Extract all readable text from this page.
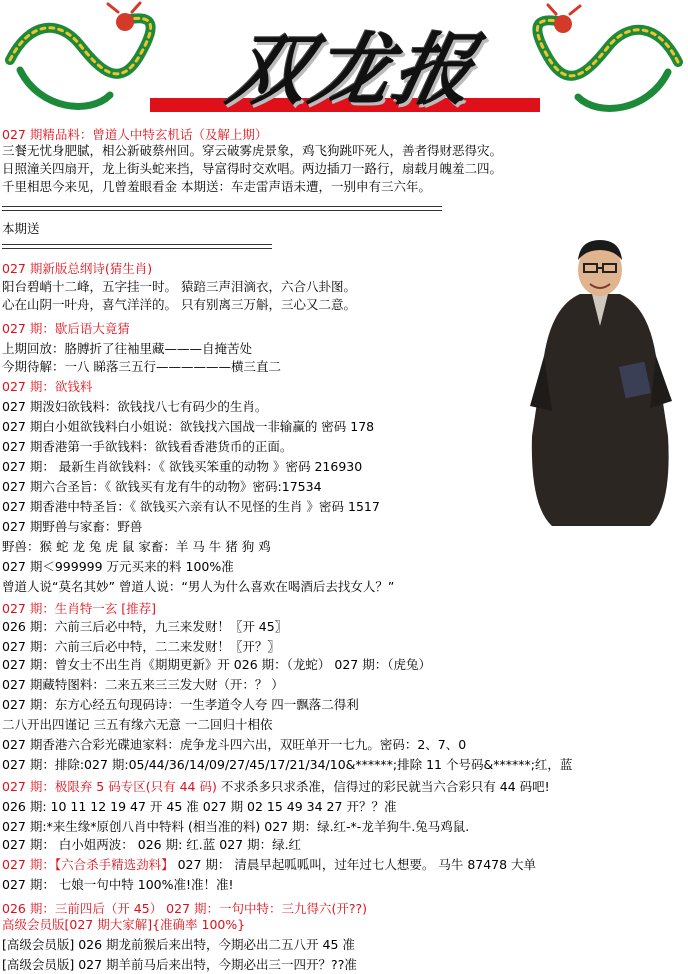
双龙报
027 期精品料：曾道人中特玄机话（及解上期）
三餐无忧身肥腻，相公新破蔡州回。穿云破雾虎景象，鸡飞狗跳吓死人，善者得财恶得灾。
日照潼关四扇开，龙上街头蛇来挡，导富得时交欢唱。两边插刀一路行，扇载月魄羞二四。
千里相思今来见，几曾羞眼看金 本期送：车走雷声语未遭，一别申有三六年。
本期送
027 期新版总纲诗(猜生肖)
阳台碧峭十二峰，五字挂一时。 猿踣三声泪滴衣，六合八卦图。
心在山阴一叶舟，喜气洋洋的。 只有别离三万斛，三心又二意。
027 期：歇后语大竟猜
上期回放：胳膊折了往袖里藏———自掩苦处
今期待解：一八 睇落三五行——————横三直二
027 期：欲钱料
027 期泼妇欲钱料：欲钱找八七有码少的生肖。
027 期白小姐欲钱料白小姐说：欲钱找六国战一非输赢的 密码 178
027 期香港第一手欲钱料：欲钱看香港货币的正面。
027 期： 最新生肖欲钱料：《 欲钱买笨重的动物 》密码 216930
027 期六合圣旨：《 欲钱买有龙有牛的动物》密码:17534
027 期香港中特圣旨：《 欲钱买六亲有认不见怪的生肖 》密码 1517
027 期野兽与家畜：野兽
野兽：猴 蛇 龙 兔 虎 鼠 家畜：羊 马 牛 猪 狗 鸡
027 期＜999999 万元买来的料 100%准
曾道人说“莫名其妙” 曾道人说：“男人为什么喜欢在喝酒后去找女人？”
027 期：生肖特一玄 [推荐]
026 期：六前三后必中特，九三来发财！〖开 45〗
027 期：六前三后必中特，二二来发财！〖开？〗
027 期：曾女士不出生肖《期期更新》开 026 期：（龙蛇） 027 期：（虎兔）
027 期藏特图料：二来五来三三发大财（开：？ ）
027 期：东方心经五句现码诗：一生孝道令人夸 四一飘落二得利
二八开出四谨记 三五有缘六无意 一二回归十相依
027 期香港六合彩光碟迪家料：虎争龙斗四六出，双旺单开一七九。密码：2、7、0
027 期：排除:027 期:05/44/36/14/09/27/45/17/21/34/10&******;排除 11 个号码&******;红，蓝
027 期：极限弃 5 码专区(只有 44 码) 不求杀多只求杀准，信得过的彩民就当六合彩只有 44 码吧!
026 期: 10 11 12 19 47 开 45 准 027 期 02 15 49 34 27 开？？准
027 期:*来生缘*原创八肖中特料 (相当准的料) 027 期：绿.红-*-龙羊狗牛.兔马鸡鼠.
027 期： 白小姐两波： 026 期: 红.蓝 027 期：绿.红
027 期：【六合杀手精选劲料】 027 期： 清晨早起呱呱叫，过年过七人想要。 马牛 87478 大单
027 期： 七娘一句中特 100%准!准！准!
026 期：三前四后（开 45） 027 期：一句中特：三九得六(开??)
高级会员版[027 期大家解]{准确率 100%}
[高级会员版] 026 期龙前猴后来出特，今期必出二五八开 45 准
[高级会员版] 027 期羊前马后来出特，今期必出三一四开？??准
